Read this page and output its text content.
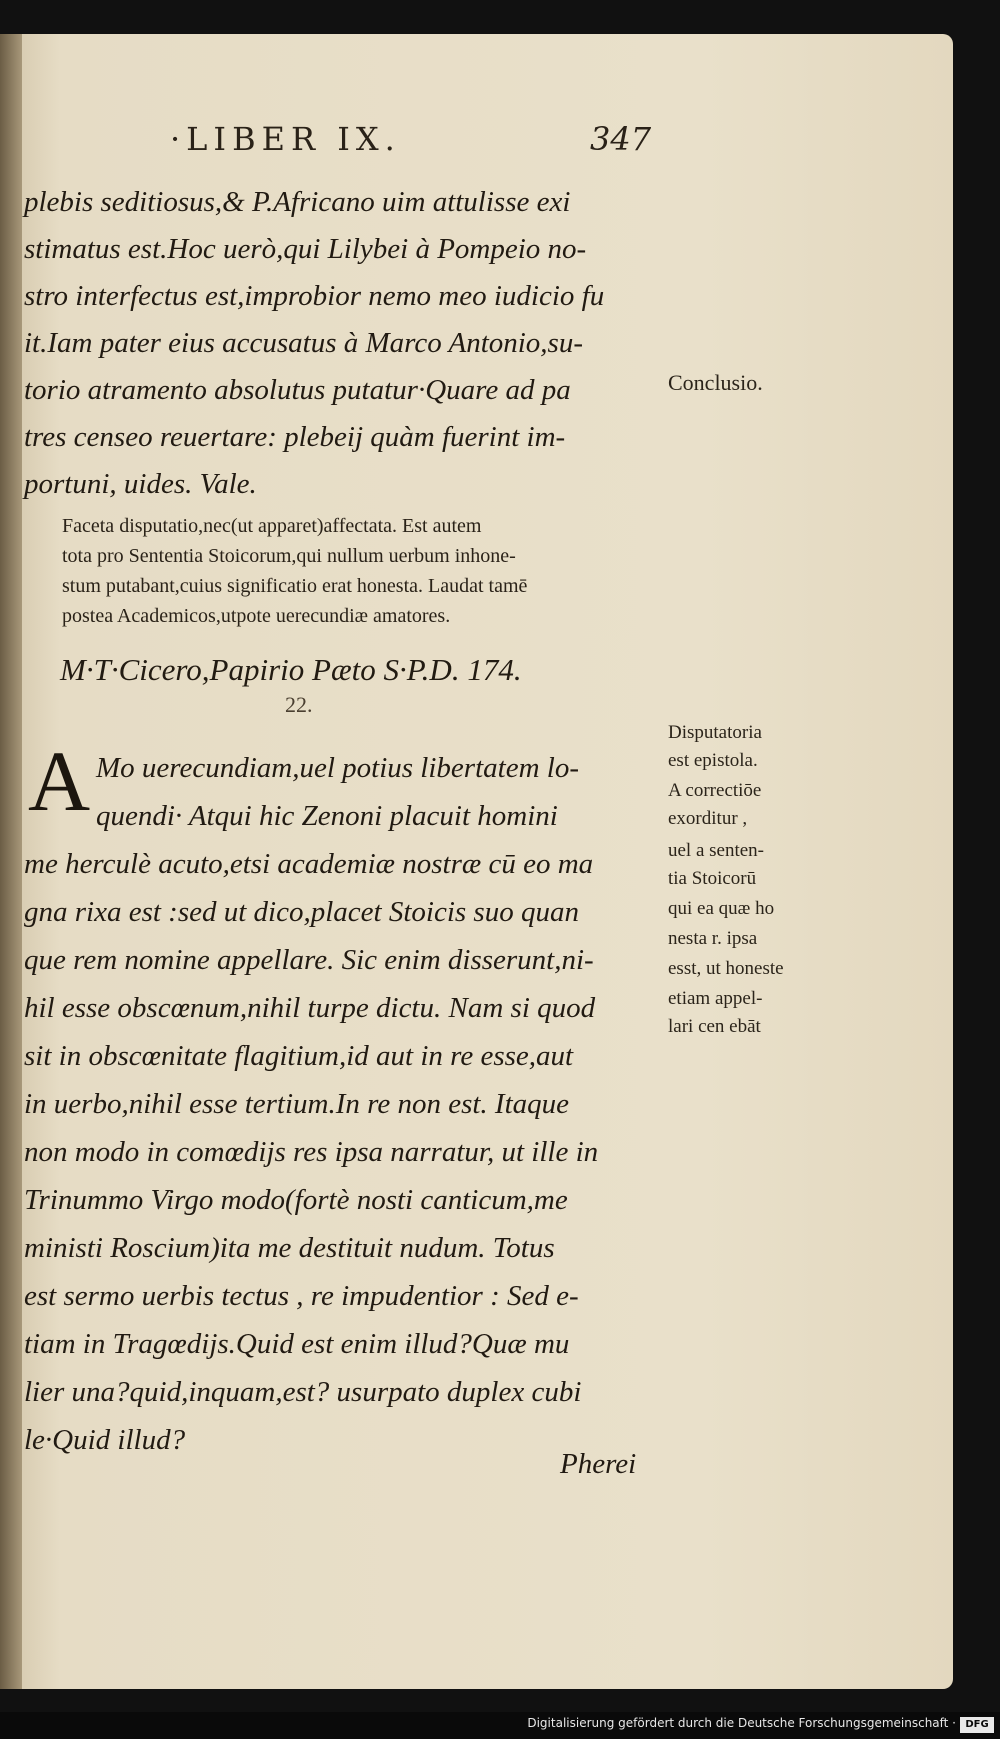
·LIBER IX.	347
plebis seditiosus,& P.Africano uim attulisse exi
stimatus est.Hoc uerò,qui Lilybei à Pompeio no-
stro interfectus est,improbior nemo meo iudicio fu
it.Iam pater eius accusatus à Marco Antonio,su-
torio atramento absolutus putatur·Quare ad pa
tres censeo reuertare: plebeij quàm fuerint im-
portuni, uides. Vale.
Conclusio.
Faceta disputatio,nec(ut apparet)affectata. Est autem
tota pro Sententia Stoicorum,qui nullum uerbum inhone-
stum putabant,cuius significatio erat honesta. Laudat tamē
postea Academicos,utpote uerecundiæ amatores.
M·T·Cicero,Papirio Pæto S·P.D. 174.
22.
A Mo uerecundiam,uel potius libertatem lo-
quendi· Atqui hic Zenoni placuit homini
me herculè acuto,etsi academiæ nostræ cū eo ma
gna rixa est :sed ut dico,placet Stoicis suo quan
que rem nomine appellare. Sic enim disserunt,ni-
hil esse obscœnum,nihil turpe dictu. Nam si quod
sit in obscœnitate flagitium,id aut in re esse,aut
in uerbo,nihil esse tertium.In re non est. Itaque
non modo in comœdijs res ipsa narratur, ut ille in
Trinummo Virgo modo(fortè nosti canticum,me
ministi Roscium)ita me destituit nudum. Totus
est sermo uerbis tectus , re impudentior : Sed e-
tiam in Tragœdijs.Quid est enim illud?Quæ mu
lier una?quid,inquam,est? usurpato duplex cubi
le·Quid illud?
Disputatoria
est epistola.
A correctiōe
exorditur ,
uel a senten-
tia Stoicorū
qui ea quæ ho
nesta r. ipsa
esst, ut honeste
etiam appel-
lari cen ebāt
Pherei
Digitalisierung gefördert durch die Deutsche Forschungsgemeinschaft · DFG
